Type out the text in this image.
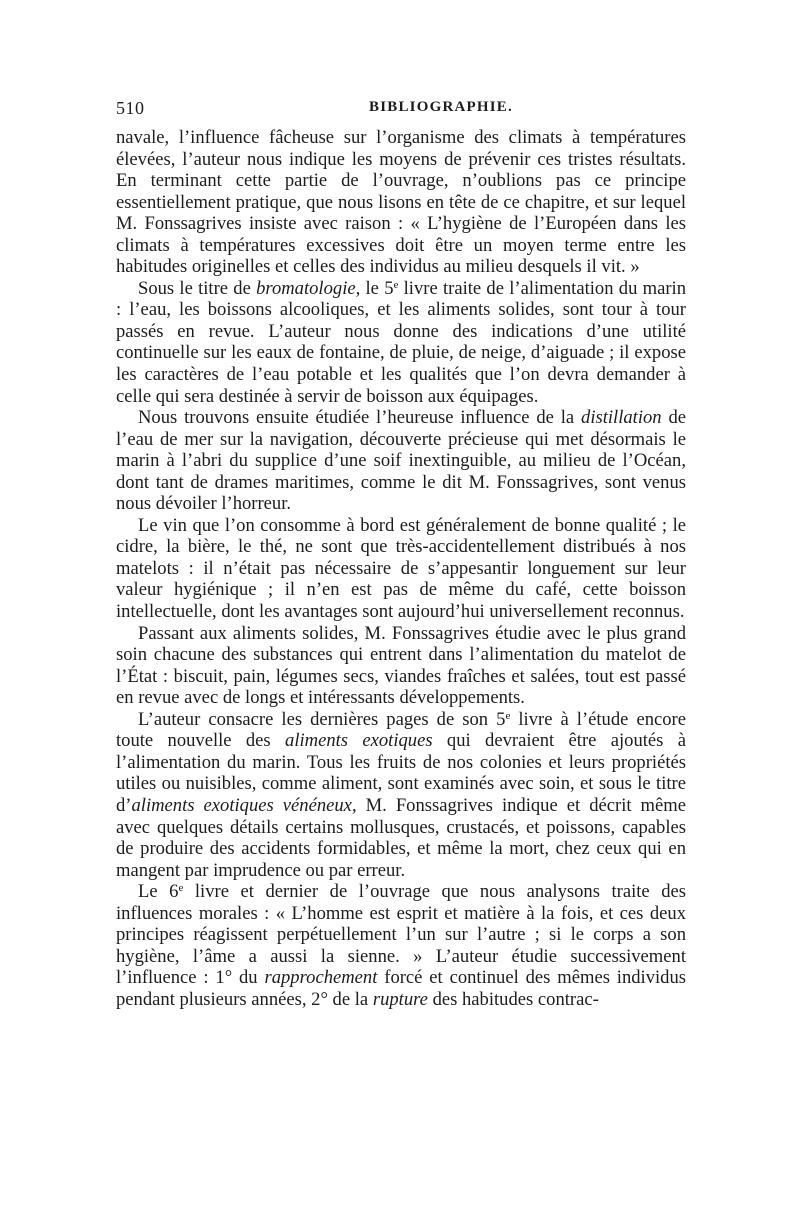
510	BIBLIOGRAPHIE.

navale, l’influence fâcheuse sur l’organisme des climats à températures élevées, l’auteur nous indique les moyens de prévenir ces tristes résultats. En terminant cette partie de l’ouvrage, n’oublions pas ce principe essentiellement pratique, que nous lisons en tête de ce chapitre, et sur lequel M. Fonssagrives insiste avec raison : « L’hygiène de l’Européen dans les climats à températures excessives doit être un moyen terme entre les habitudes originelles et celles des individus au milieu desquels il vit. »

Sous le titre de bromatologie, le 5e livre traite de l’alimentation du marin : l’eau, les boissons alcooliques, et les aliments solides, sont tour à tour passés en revue. L’auteur nous donne des indications d’une utilité continuelle sur les eaux de fontaine, de pluie, de neige, d’aiguade ; il expose les caractères de l’eau potable et les qualités que l’on devra demander à celle qui sera destinée à servir de boisson aux équipages.

Nous trouvons ensuite étudiée l’heureuse influence de la distillation de l’eau de mer sur la navigation, découverte précieuse qui met désormais le marin à l’abri du supplice d’une soif inextinguible, au milieu de l’Océan, dont tant de drames maritimes, comme le dit M. Fonssagrives, sont venus nous dévoiler l’horreur.

Le vin que l’on consomme à bord est généralement de bonne qualité ; le cidre, la bière, le thé, ne sont que très-accidentellement distribués à nos matelots : il n’était pas nécessaire de s’appesantir longuement sur leur valeur hygiénique ; il n’en est pas de même du café, cette boisson intellectuelle, dont les avantages sont aujourd’hui universellement reconnus.

Passant aux aliments solides, M. Fonssagrives étudie avec le plus grand soin chacune des substances qui entrent dans l’alimentation du matelot de l’État : biscuit, pain, légumes secs, viandes fraîches et salées, tout est passé en revue avec de longs et intéressants développements.

L’auteur consacre les dernières pages de son 5e livre à l’étude encore toute nouvelle des aliments exotiques qui devraient être ajoutés à l’alimentation du marin. Tous les fruits de nos colonies et leurs propriétés utiles ou nuisibles, comme aliment, sont examinés avec soin, et sous le titre d’aliments exotiques vénéneux, M. Fonssagrives indique et décrit même avec quelques détails certains mollusques, crustacés, et poissons, capables de produire des accidents formidables, et même la mort, chez ceux qui en mangent par imprudence ou par erreur.

Le 6e livre et dernier de l’ouvrage que nous analysons traite des influences morales : « L’homme est esprit et matière à la fois, et ces deux principes réagissent perpétuellement l’un sur l’autre ; si le corps a son hygiène, l’âme a aussi la sienne. » L’auteur étudie successivement l’influence : 1° du rapprochement forcé et continuel des mêmes individus pendant plusieurs années, 2° de la rupture des habitudes contrac-
